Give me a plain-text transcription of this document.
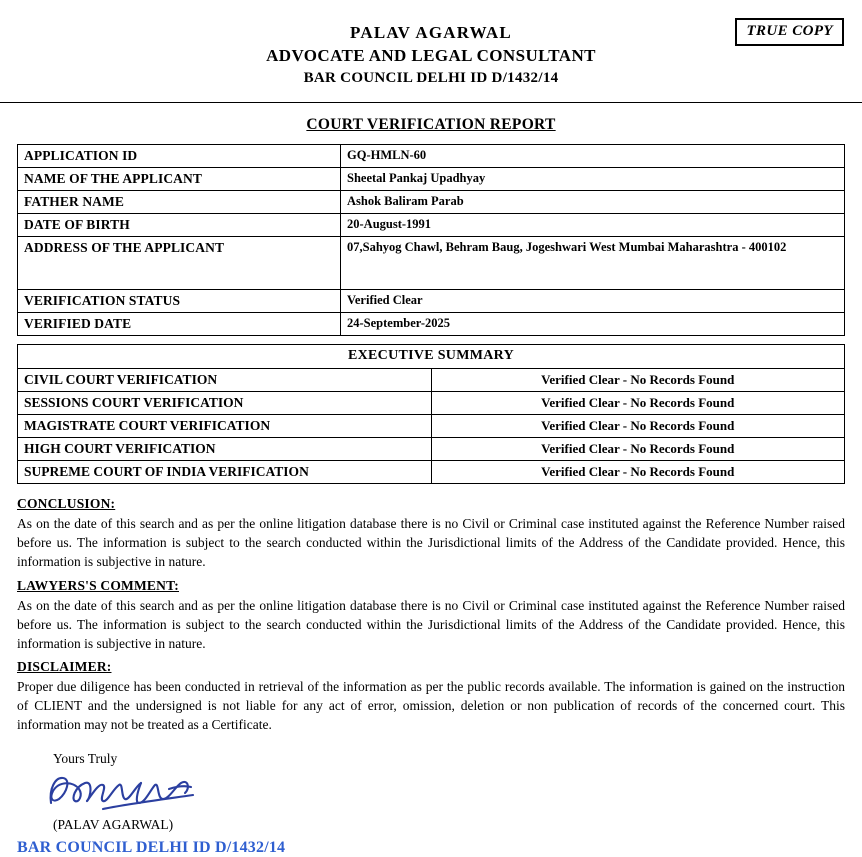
PALAV AGARWAL
ADVOCATE AND LEGAL CONSULTANT
BAR COUNCIL DELHI ID D/1432/14
TRUE COPY
COURT VERIFICATION REPORT
APPLICATION ID	GQ-HMLN-60
NAME OF THE APPLICANT	Sheetal Pankaj Upadhyay
FATHER NAME	Ashok Baliram Parab
DATE OF BIRTH	20-August-1991
ADDRESS OF THE APPLICANT	07,Sahyog Chawl, Behram Baug, Jogeshwari West Mumbai Maharashtra - 400102
VERIFICATION STATUS	Verified Clear
VERIFIED DATE	24-September-2025
EXECUTIVE SUMMARY	
CIVIL COURT VERIFICATION	Verified Clear - No Records Found
SESSIONS COURT VERIFICATION	Verified Clear - No Records Found
MAGISTRATE COURT VERIFICATION	Verified Clear - No Records Found
HIGH COURT VERIFICATION	Verified Clear - No Records Found
SUPREME COURT OF INDIA VERIFICATION	Verified Clear - No Records Found
CONCLUSION:
As on the date of this search and as per the online litigation database there is no Civil or Criminal case instituted against the Reference Number raised before us. The information is subject to the search conducted within the Jurisdictional limits of the Address of the Candidate provided. Hence, this information is subjective in nature.
LAWYERS'S COMMENT:
As on the date of this search and as per the online litigation database there is no Civil or Criminal case instituted against the Reference Number raised before us. The information is subject to the search conducted within the Jurisdictional limits of the Address of the Candidate provided. Hence, this information is subjective in nature.
DISCLAIMER:
Proper due diligence has been conducted in retrieval of the information as per the public records available. The information is gained on the instruction of CLIENT and the undersigned is not liable for any act of error, omission, deletion or non publication of records of the concerned court. This information may not be treated as a Certificate.
Yours Truly
(PALAV AGARWAL)
BAR COUNCIL DELHI ID D/1432/14
